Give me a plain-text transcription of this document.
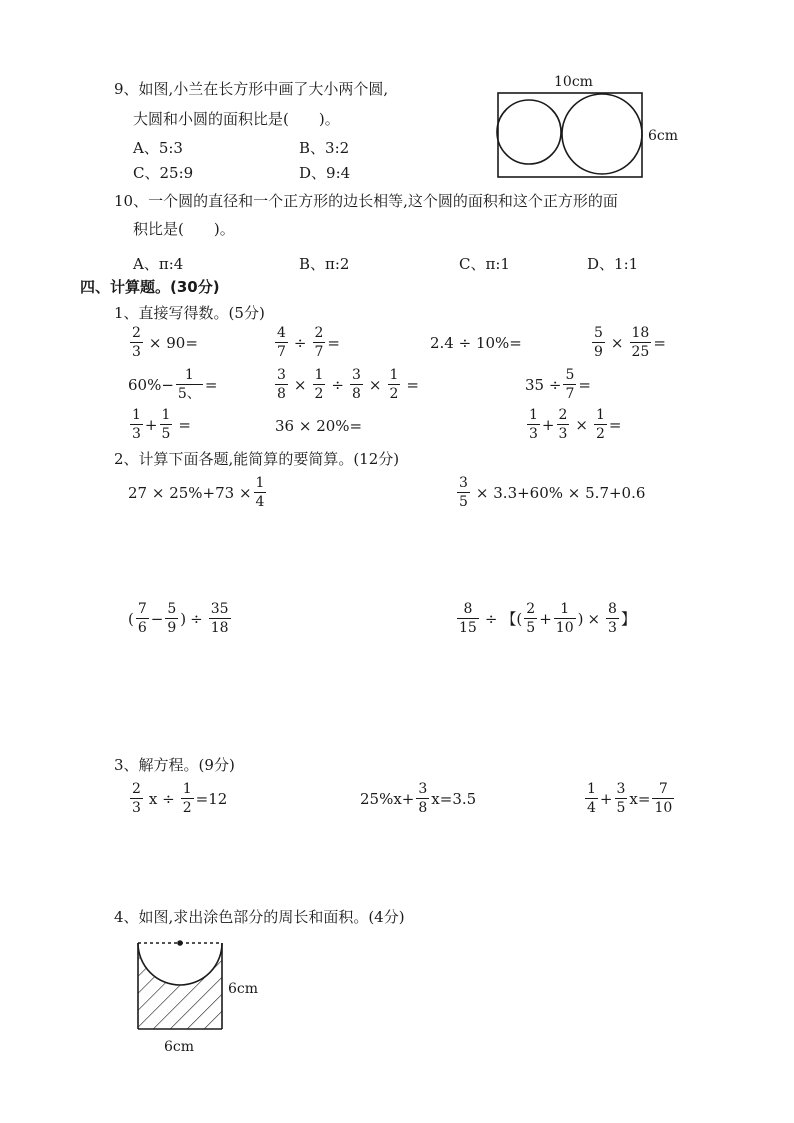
9、如图,小兰在长方形中画了大小两个圆,
大圆和小圆的面积比是(　　)。
A、5:3	B、3:2
C、25:9	D、9:4
10cm
6cm
10、一个圆的直径和一个正方形的边长相等,这个圆的面积和这个正方形的面
积比是(　　)。
A、π:4	B、π:2	C、π:1	D、1:1
四、计算题。(30分)
1、直接写得数。(5分)
$\frac{2}{3} \times 90=$	$\frac{4}{7} \div \frac{2}{7}$ =	2.4 ÷ 10%=	$\frac{5}{9} \times \frac{18}{25}$ =
$60\%- \frac{1}{5、}$ =	$\frac{3}{8} \times \frac{1}{2} \div \frac{3}{8} \times \frac{1}{2}$ =	$35 \div \frac{5}{7}$ =
$\frac{1}{3} + \frac{1}{5}$ =	36 × 20%=	$\frac{1}{3} + \frac{2}{3} \times \frac{1}{2}$ =
2、计算下面各题,能简算的要简算。(12分)
$27 \times 25\%+73 \times \frac{1}{4}$	$\frac{3}{5} \times 3.3+60\% \times 5.7+0.6$
( $\frac{7}{6} - \frac{5}{9}$ ) ÷ $\frac{35}{18}$	$\frac{8}{15}$ ÷ 【 ( $\frac{2}{5} + \frac{1}{10}$ ) × $\frac{8}{3}$ 】
3、解方程。(9分)
$\frac{2}{3}$ $x \div \frac{1}{2} =12$	$25\%x+ \frac{3}{8} x=3.5$	$\frac{1}{4} + \frac{3}{5} x= \frac{7}{10}$
4、如图,求出涂色部分的周长和面积。(4分)
6cm
6cm
